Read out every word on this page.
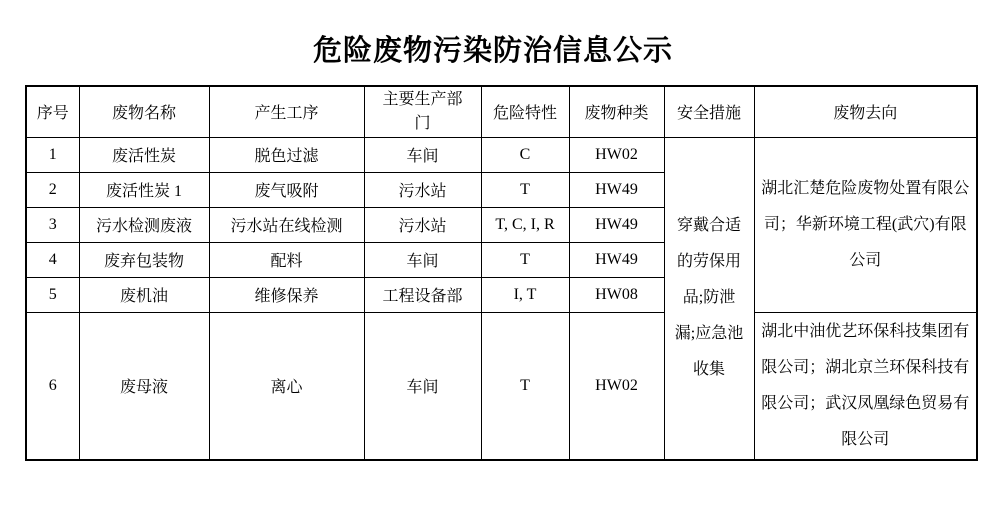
危险废物污染防治信息公示
序号	废物名称	产生工序	主要生产部门	危险特性	废物种类	安全措施	废物去向
1	废活性炭	脱色过滤	车间	C	HW02	穿戴合适的劳保用品;防泄漏;应急池收集	湖北汇楚危险废物处置有限公司；华新环境工程(武穴)有限公司
2	废活性炭 1	废气吸附	污水站	T	HW49		
3	污水检测废液	污水站在线检测	污水站	T, C, I, R	HW49		
4	废弃包装物	配料	车间	T	HW49		
5	废机油	维修保养	工程设备部	I, T	HW08		
6	废母液	离心	车间	T	HW02		湖北中油优艺环保科技集团有限公司；湖北京兰环保科技有限公司；武汉凤凰绿色贸易有限公司
